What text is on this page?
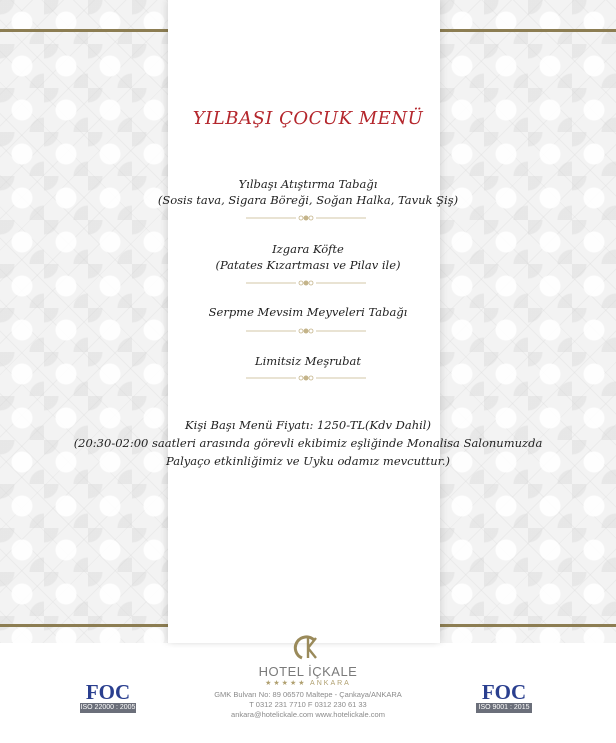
YILBAŞI ÇOCUK MENÜ
Yılbaşı Atıştırma Tabağı
(Sosis tava, Sigara Böreği, Soğan Halka, Tavuk Şiş)
Izgara Köfte
(Patates Kızartması ve Pilav ile)
Serpme Mevsim Meyveleri Tabağı
Limitsiz Meşrubat
Kişi Başı Menü Fiyatı: 1250-TL(Kdv Dahil)
(20:30-02:00 saatleri arasında görevli ekibimiz eşliğinde Monalisa Salonumuzda
Palyaço etkinliğimiz ve Uyku odamız mevcuttur.)
HOTEL İÇKALE
★★★★★ ANKARA
GMK Bulvarı No: 89 06570 Maltepe - Çankaya/ANKARA
T 0312 231 7710 F 0312 230 61 33
ankara@hotelickale.com www.hotelickale.com
FOC
ISO 22000 : 2005
FOC
ISO 9001 : 2015
